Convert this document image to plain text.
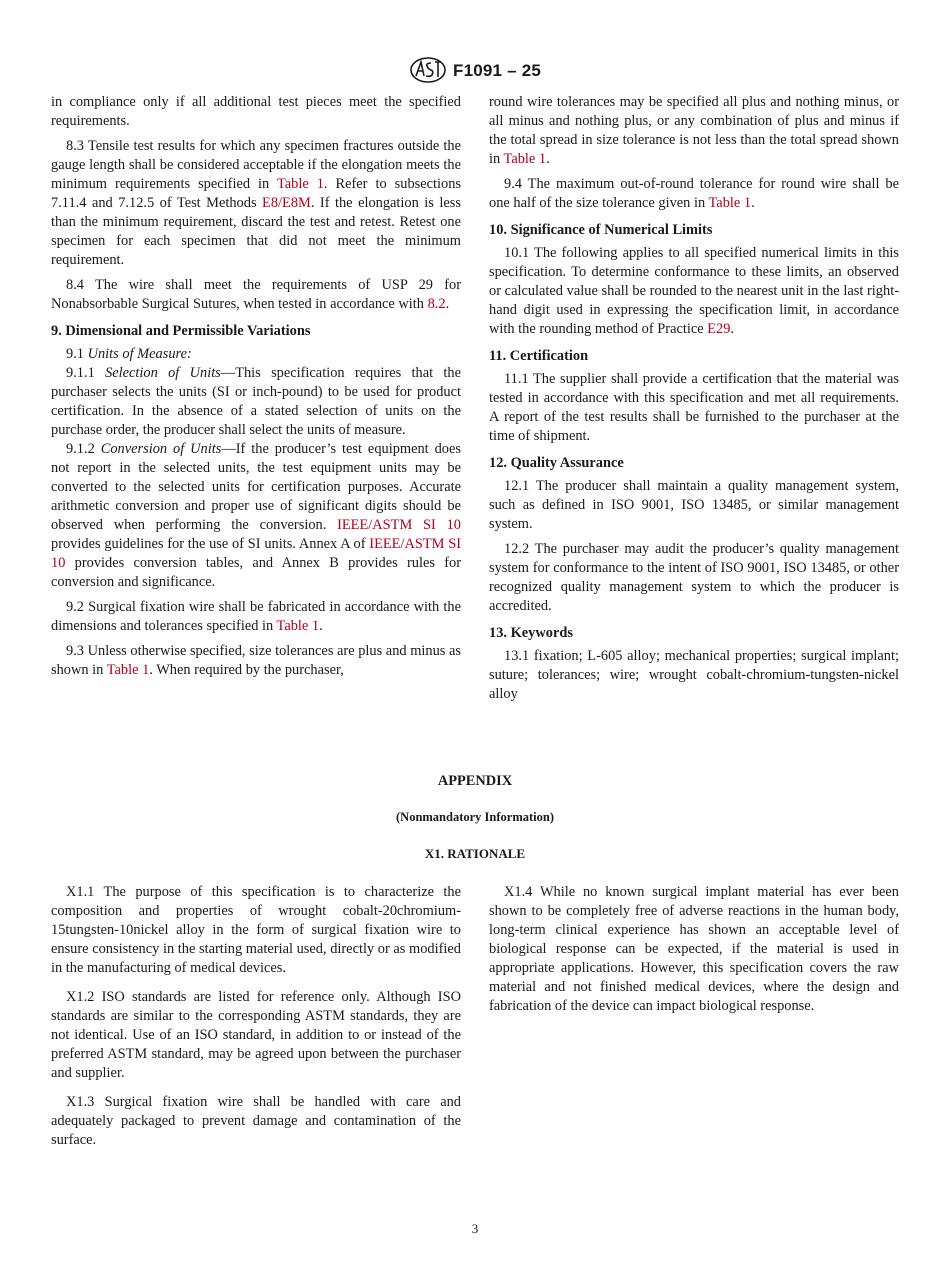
F1091 – 25

in compliance only if all additional test pieces meet the specified requirements.

8.3 Tensile test results for which any specimen fractures outside the gauge length shall be considered acceptable if the elongation meets the minimum requirements specified in Table 1. Refer to subsections 7.11.4 and 7.12.5 of Test Methods E8/E8M. If the elongation is less than the minimum requirement, discard the test and retest. Retest one specimen for each specimen that did not meet the minimum requirement.

8.4 The wire shall meet the requirements of USP 29 for Nonabsorbable Surgical Sutures, when tested in accordance with 8.2.

9. Dimensional and Permissible Variations

9.1 Units of Measure:

9.1.1 Selection of Units—This specification requires that the purchaser selects the units (SI or inch-pound) to be used for product certification. In the absence of a stated selection of units on the purchase order, the producer shall select the units of measure.

9.1.2 Conversion of Units—If the producer’s test equipment does not report in the selected units, the test equipment units may be converted to the selected units for certification purposes. Accurate arithmetic conversion and proper use of significant digits should be observed when performing the conversion. IEEE/ASTM SI 10 provides guidelines for the use of SI units. Annex A of IEEE/ASTM SI 10 provides conversion tables, and Annex B provides rules for conversion and significance.

9.2 Surgical fixation wire shall be fabricated in accordance with the dimensions and tolerances specified in Table 1.

9.3 Unless otherwise specified, size tolerances are plus and minus as shown in Table 1. When required by the purchaser,

round wire tolerances may be specified all plus and nothing minus, or all minus and nothing plus, or any combination of plus and minus if the total spread in size tolerance is not less than the total spread shown in Table 1.

9.4 The maximum out-of-round tolerance for round wire shall be one half of the size tolerance given in Table 1.

10. Significance of Numerical Limits

10.1 The following applies to all specified numerical limits in this specification. To determine conformance to these limits, an observed or calculated value shall be rounded to the nearest unit in the last right-hand digit used in expressing the specification limit, in accordance with the rounding method of Practice E29.

11. Certification

11.1 The supplier shall provide a certification that the material was tested in accordance with this specification and met all requirements. A report of the test results shall be furnished to the purchaser at the time of shipment.

12. Quality Assurance

12.1 The producer shall maintain a quality management system, such as defined in ISO 9001, ISO 13485, or similar management system.

12.2 The purchaser may audit the producer’s quality management system for conformance to the intent of ISO 9001, ISO 13485, or other recognized quality management system to which the producer is accredited.

13. Keywords

13.1 fixation; L-605 alloy; mechanical properties; surgical implant; suture; tolerances; wire; wrought cobalt-chromium-tungsten-nickel alloy

APPENDIX
(Nonmandatory Information)
X1. RATIONALE

X1.1 The purpose of this specification is to characterize the composition and properties of wrought cobalt-20chromium-15tungsten-10nickel alloy in the form of surgical fixation wire to ensure consistency in the starting material used, directly or as modified in the manufacturing of medical devices.

X1.2 ISO standards are listed for reference only. Although ISO standards are similar to the corresponding ASTM standards, they are not identical. Use of an ISO standard, in addition to or instead of the preferred ASTM standard, may be agreed upon between the purchaser and supplier.

X1.3 Surgical fixation wire shall be handled with care and adequately packaged to prevent damage and contamination of the surface.

X1.4 While no known surgical implant material has ever been shown to be completely free of adverse reactions in the human body, long-term clinical experience has shown an acceptable level of biological response can be expected, if the material is used in appropriate applications. However, this specification covers the raw material and not finished medical devices, where the design and fabrication of the device can impact biological response.

3
